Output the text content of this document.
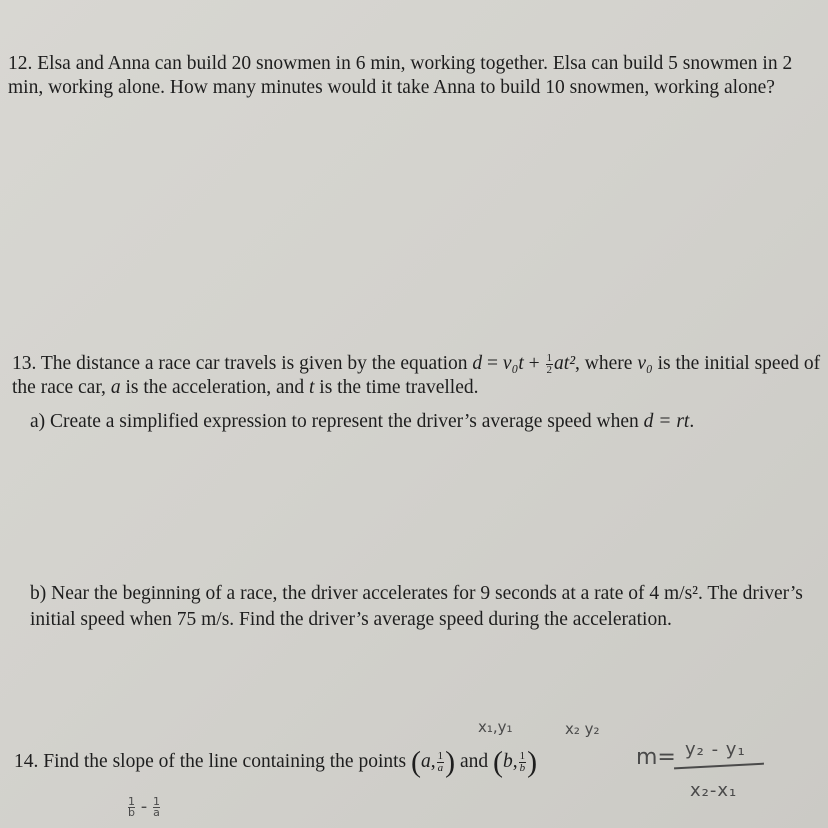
12. Elsa and Anna can build 20 snowmen in 6 min, working together. Elsa can build 5 snowmen in 2 min, working alone. How many minutes would it take Anna to build 10 snowmen, working alone?

13. The distance a race car travels is given by the equation $d = v_0t + \frac{1}{2} at^2$, where v₀ is the initial speed of the race car, a is the acceleration, and t is the time travelled.

a) Create a simplified expression to represent the driver’s average speed when d = rt.
b) Near the beginning of a race, the driver accelerates for 9 seconds at a rate of 4 m/s². The driver’s initial speed when 75 m/s. Find the driver’s average speed during the acceleration.
14. Find the slope of the line containing the points (a, $\frac{1}{a}$ ) and (b, $\frac{1}{b}$ )
x₁,y₁	x₂ y₂
m= y₂ - y₁
x₂-x₁
$\frac{1}{b} - \frac{1}{a}$
